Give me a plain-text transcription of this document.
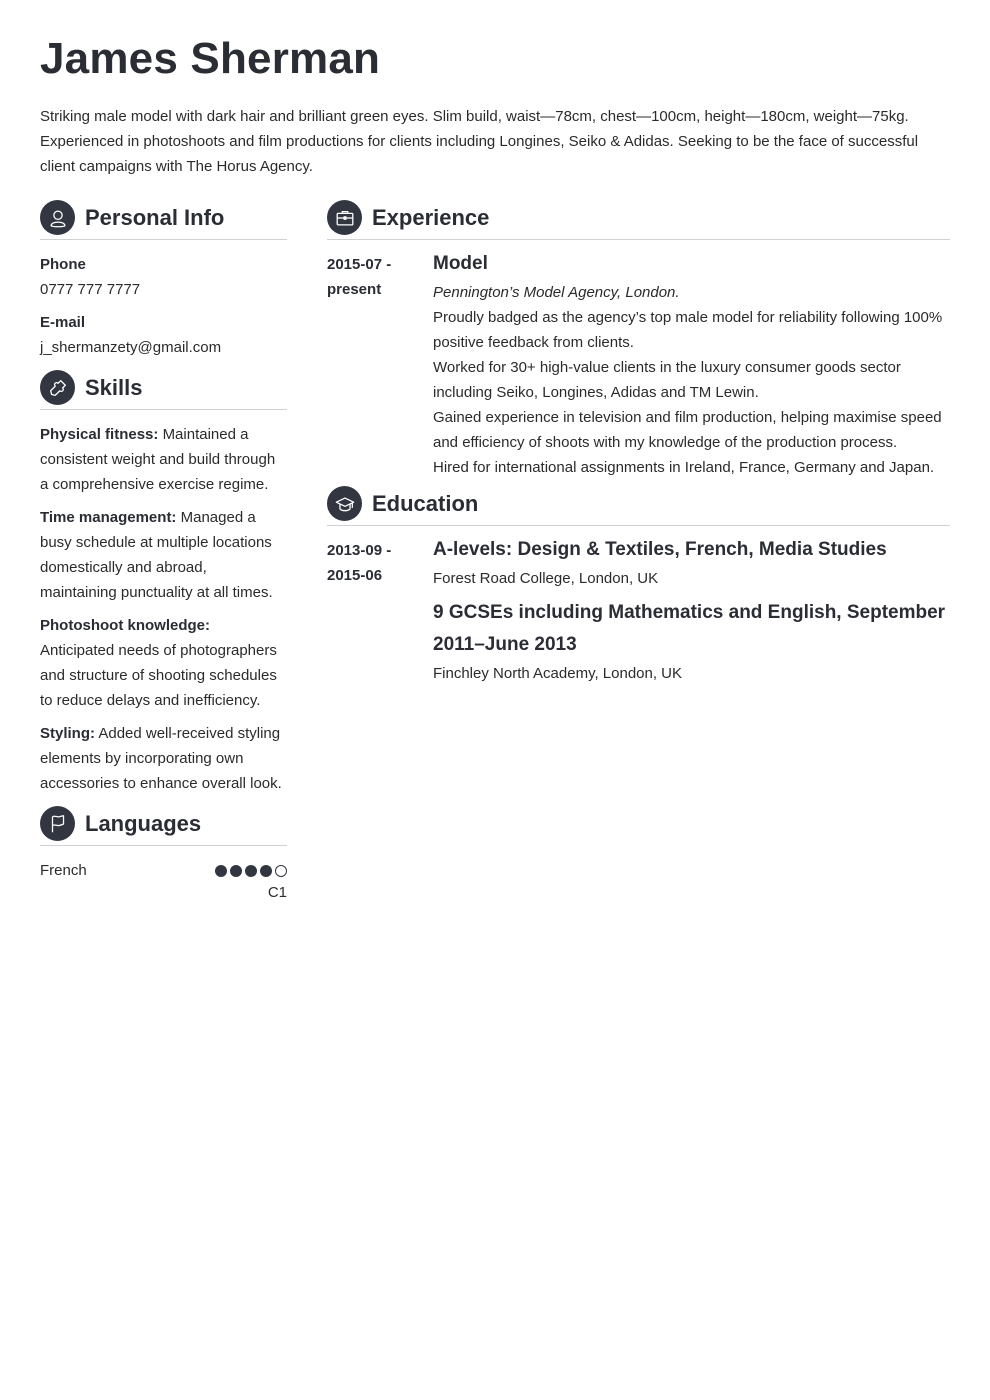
James Sherman

Striking male model with dark hair and brilliant green eyes. Slim build, waist—78cm, chest—100cm, height—180cm, weight—75kg. Experienced in photoshoots and film productions for clients including Longines, Seiko & Adidas. Seeking to be the face of successful client campaigns with The Horus Agency.

Personal Info
Phone
0777 777 7777
E-mail
j_shermanzety@gmail.com
Skills
Physical fitness: Maintained a consistent weight and build through a comprehensive exercise regime.
Time management: Managed a busy schedule at multiple locations domestically and abroad, maintaining punctuality at all times.
Photoshoot knowledge: Anticipated needs of photographers and structure of shooting schedules to reduce delays and inefficiency.
Styling: Added well-received styling elements by incorporating own accessories to enhance overall look.
Languages
French
C1
Experience
2015-07 -
present
Model
Pennington’s Model Agency, London.
Proudly badged as the agency’s top male model for reliability following 100% positive feedback from clients.
Worked for 30+ high-value clients in the luxury consumer goods sector including Seiko, Longines, Adidas and TM Lewin.
Gained experience in television and film production, helping maximise speed and efficiency of shoots with my knowledge of the production process.
Hired for international assignments in Ireland, France, Germany and Japan.
Education
2013-09 -
2015-06
A-levels: Design & Textiles, French, Media Studies
Forest Road College, London, UK
9 GCSEs including Mathematics and English, September 2011–June 2013
Finchley North Academy, London, UK
